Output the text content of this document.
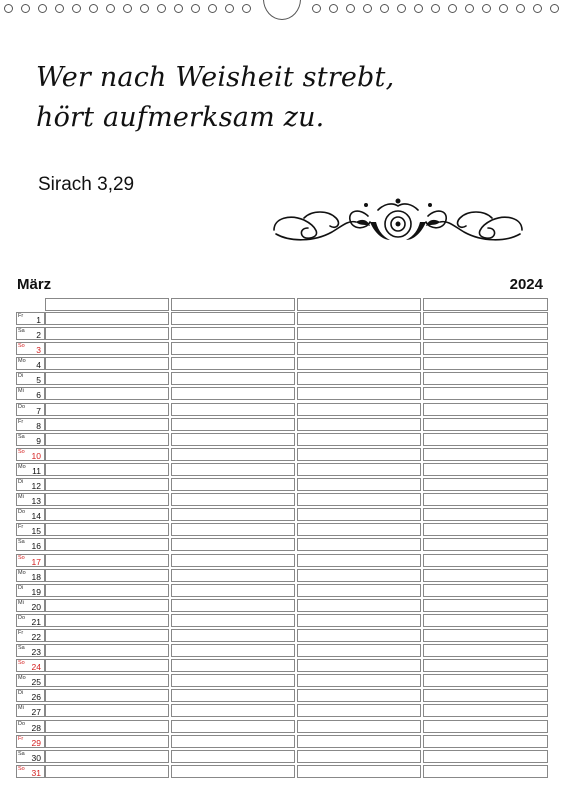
Wer nach Weisheit strebt,
hört aufmerksam zu.
Sirach 3,29
März	2024
Fr 1
Sa 2
So 3
Mo 4
Di 5
Mi 6
Do 7
Fr 8
Sa 9
So 10
Mo 11
Di 12
Mi 13
Do 14
Fr 15
Sa 16
So 17
Mo 18
Di 19
Mi 20
Do 21
Fr 22
Sa 23
So 24
Mo 25
Di 26
Mi 27
Do 28
Fr 29
Sa 30
So 31
